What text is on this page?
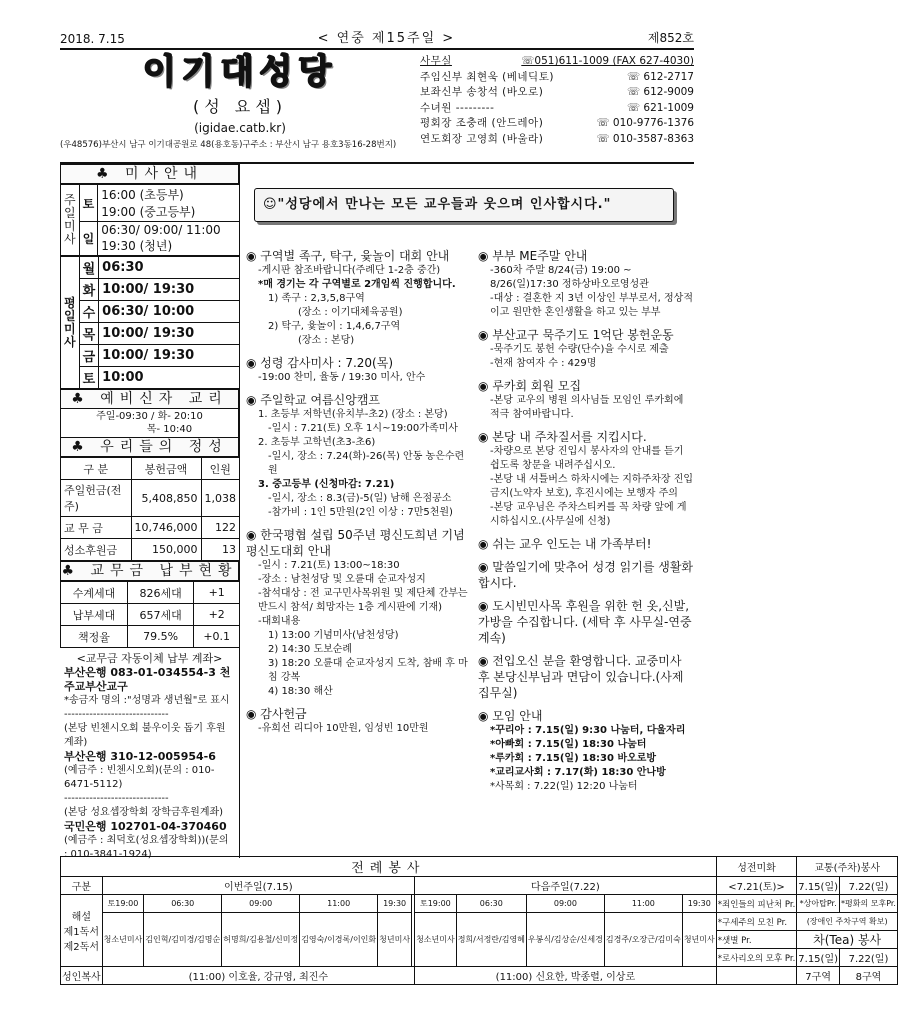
2018. 7.15	< 연중 제15주일 >	제852호
이기대성당
(성 요셉)
(igidae.catb.kr)
(우48576)부산시 남구 이기대공원로 48(용호동)구주소 : 부산시 남구 용호3동16-28번지)
사무실	☏051)611-1009 (FAX 627-4030)
주임신부 최현욱 (베네딕토)	☏ 612-2717
보좌신부 송창석 (바오로)	☏ 612-9009
수녀원 ---------	☏ 621-1009
평회장 조충래 (안드레아)	☏ 010-9776-1376
연도회장 고영희 (바울라)	☏ 010-3587-8363
♣ 미사안내
주일미사	토	16:00 (초등부)
19:00 (중고등부)

	일	06:30/ 09:00/ 11:00
19:30 (청년)
평일미사	월	06:30
	화	10:00/ 19:30
	수	06:30/ 10:00
	목	10:00/ 19:30
	금	10:00/ 19:30
	토	10:00
♣ 예비신자 교리
주일-09:30 / 화- 20:10
목- 10:40
♣ 우리들의 정성
구 분	봉헌금액	인원
주일헌금(전주)	5,408,850	1,038
교 무 금	10,746,000	122
성소후원금	150,000	13
♣ 교무금 납부현황
수계세대	826세대	+1
납부세대	657세대	+2
책정율	79.5%	+0.1
<교무금 자동이체 납부 계좌>
부산은행 083-01-034554-3 천주교부산교구
*송금자 명의 :"성명과 생년월"로 표시
-----------------------------
(본당 빈첸시오회 불우이웃 돕기 후원계좌)
부산은행 310-12-005954-6
(예금주 : 빈첸시오회)(문의 : 010-6471-5112)
-----------------------------
(본당 성요셉장학회 장학금후원계좌)
국민은행 102701-04-370460
(예금주 : 최덕호(성요셉장학회))(문의 : 010-3841-1924)
☺"성당에서 만나는 모든 교우들과 웃으며 인사합시다."
◉ 구역별 족구, 탁구, 윷놀이 대회 안내
-게시판 참조바랍니다(주례단 1-2층 중간)
*매 경기는 각 구역별로 2개임씩 진행합니다.
1) 족구 : 2,3,5,8구역
(장소 : 이기대체육공원)
2) 탁구, 윷놀이 : 1,4,6,7구역
(장소 : 본당)
◉ 성령 감사미사 : 7.20(목)
-19:00 찬미, 율동 / 19:30 미사, 안수
◉ 주일학교 여름신앙캠프
1. 초등부 저학년(유치부-초2) (장소 : 본당)
-일시 : 7.21(토) 오후 1시~19:00가족미사
2. 초등부 고학년(초3-초6)
-일시, 장소 : 7.24(화)-26(목) 안동 농은수련원
3. 중고등부 (신청마감: 7.21)
-일시, 장소 : 8.3(금)-5(일) 남해 은점공소
-참가비 : 1인 5만원(2인 이상 : 7만5천원)
◉ 한국평협 설립 50주년 평신도희년 기념 평신도대회 안내
-일시 : 7.21(토) 13:00~18:30
-장소 : 남천성당 및 오륜대 순교자성지
-참석대상 : 전 교구민사목위원 및 제단체 간부는 반드시 참석/ 희망자는 1층 게시판에 기재)
-대회내용
1) 13:00 기념미사(남천성당)
2) 14:30 도보순례
3) 18:20 오륜대 순교자성지 도착, 참배 후 마침 강복
4) 18:30 해산
◉ 감사헌금
-유희선 리디아 10만원, 임성빈 10만원
◉ 부부 ME주말 안내
-360차 주말 8/24(금) 19:00 ~ 8/26(일)17:30 정하상바오로영성관
-대상 : 결혼한 지 3년 이상인 부부로서, 정상적이고 원만한 혼인생활을 하고 있는 부부
◉ 부산교구 묵주기도 1억단 봉헌운동
-묵주기도 봉헌 수량(단수)을 수시로 제출
-현재 참여자 수 : 429명
◉ 루카회 회원 모집
-본당 교우의 병원 의사님들 모임인 루카회에 적극 참여바랍니다.
◉ 본당 내 주차질서를 지킵시다.
-차량으로 본당 진입시 봉사자의 안내를 듣기 쉽도록 창문을 내려주십시오.
-본당 내 셔틀버스 하차시에는 지하주차장 진입금지(노약자 보호), 후진시에는 보행자 주의
-본당 교우님은 주차스티커를 꼭 차량 앞에 게시하십시오.(사무실에 신청)
◉ 쉬는 교우 인도는 내 가족부터!
◉ 말씀일기에 맞추어 성경 읽기를 생활화 합시다.
◉ 도시빈민사목 후원을 위한 헌 옷,신발,가방을 수집합니다. (세탁 후 사무실-연중 계속)
◉ 전입오신 분을 환영합니다. 교중미사 후 본당신부님과 면담이 있습니다.(사제집무실)
◉ 모임 안내
*꾸리아 : 7.15(일) 9:30 나눔터, 다울자리
*아빠회 : 7.15(일) 18:30 나눔터
*루카회 : 7.15(일) 18:30 바오로방
*교리교사회 : 7.17(화) 18:30 안나방
*사목회 : 7.22(일) 12:20 나눔터
전례봉사												성전미화	교통(주차)봉사	
구분	이번주일(7.15)						다음주일(7.22)					<7.21(토)>	7.15(일)	7.22(일)

해설
제1독서
제2독서	토19:00	06:30	09:00	11:00	19:30		토19:00	06:30	09:00	11:00	19:30	*죄인들의 피난처 Pr.	*상아탑Pr.	*평화의 모후Pr.
	청소년미사	김인혁/김미경/김명순	허명희/김용철/신미정	김영숙/이경록/이인화	청년미사		청소년미사	정희/서정란/김영혜	우봉식/김상순/신세경	김경주/오장근/김미숙	청년미사	*구세주의 모친 Pr.	(장애인 주차구역 확보)	
												*샛별 Pr.	차(Tea) 봉사	
												*로사리오의 모후 Pr.	7.15(일)	7.22(일)
성인복사	(11:00) 이호율, 강규영, 최진수						(11:00) 신요한, 박종렬, 이상로						7구역	8구역
